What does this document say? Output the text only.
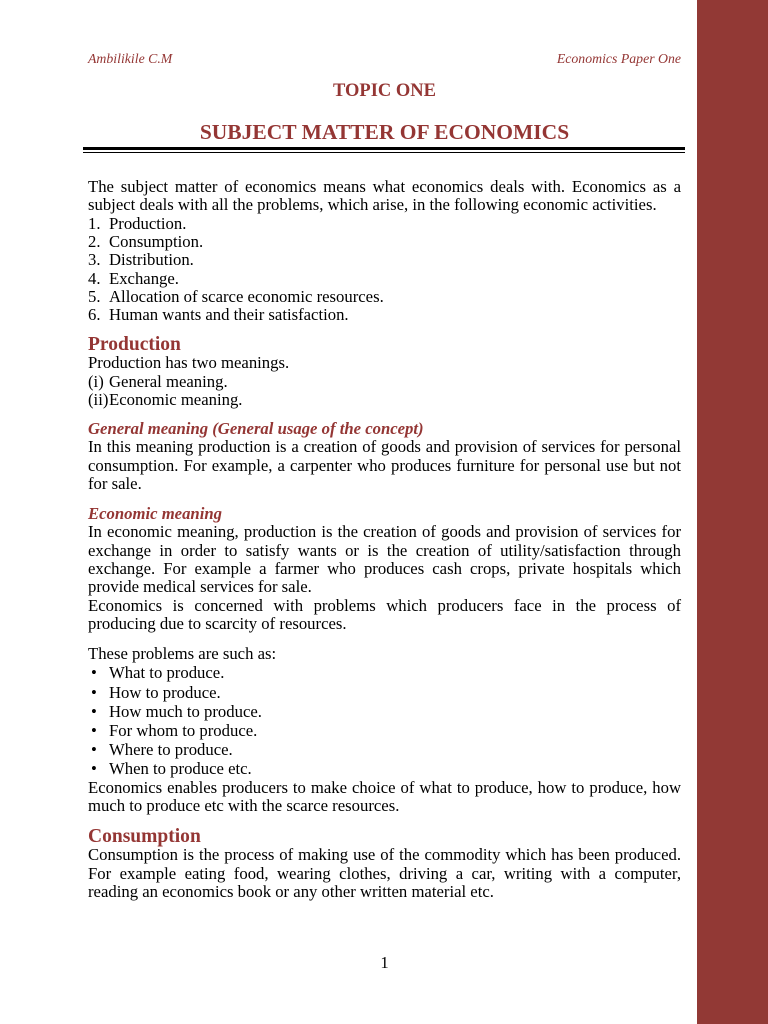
Ambilikile C.M	Economics Paper One
TOPIC ONE
SUBJECT MATTER OF ECONOMICS

The subject matter of economics means what economics deals with. Economics as a

subject deals with all the problems, which arise, in the following economic activities.

1. Production.
2. Consumption.
3. Distribution.
4. Exchange.
5. Allocation of scarce economic resources.
6. Human wants and their satisfaction.
Production

Production has two meanings.

(i) General meaning.
(ii)Economic meaning.
General meaning (General usage of the concept)

In this meaning production is a creation of goods and provision of services for personal

consumption. For example, a carpenter who produces furniture for personal use but not

for sale.

Economic meaning

In economic meaning, production is the creation of goods and provision of services for

exchange in order to satisfy wants or is the creation of utility/satisfaction through

exchange. For example a farmer who produces cash crops, private hospitals which

provide medical services for sale.

Economics is concerned with problems which producers face in the process of

producing due to scarcity of resources.

These problems are such as:

• What to produce.
• How to produce.
• How much to produce.
• For whom to produce.
• Where to produce.
• When to produce etc.

Economics enables producers to make choice of what to produce, how to produce, how

much to produce etc with the scarce resources.

Consumption

Consumption is the process of making use of the commodity which has been produced.

For example eating food, wearing clothes, driving a car, writing with a computer,

reading an economics book or any other written material etc.

1
